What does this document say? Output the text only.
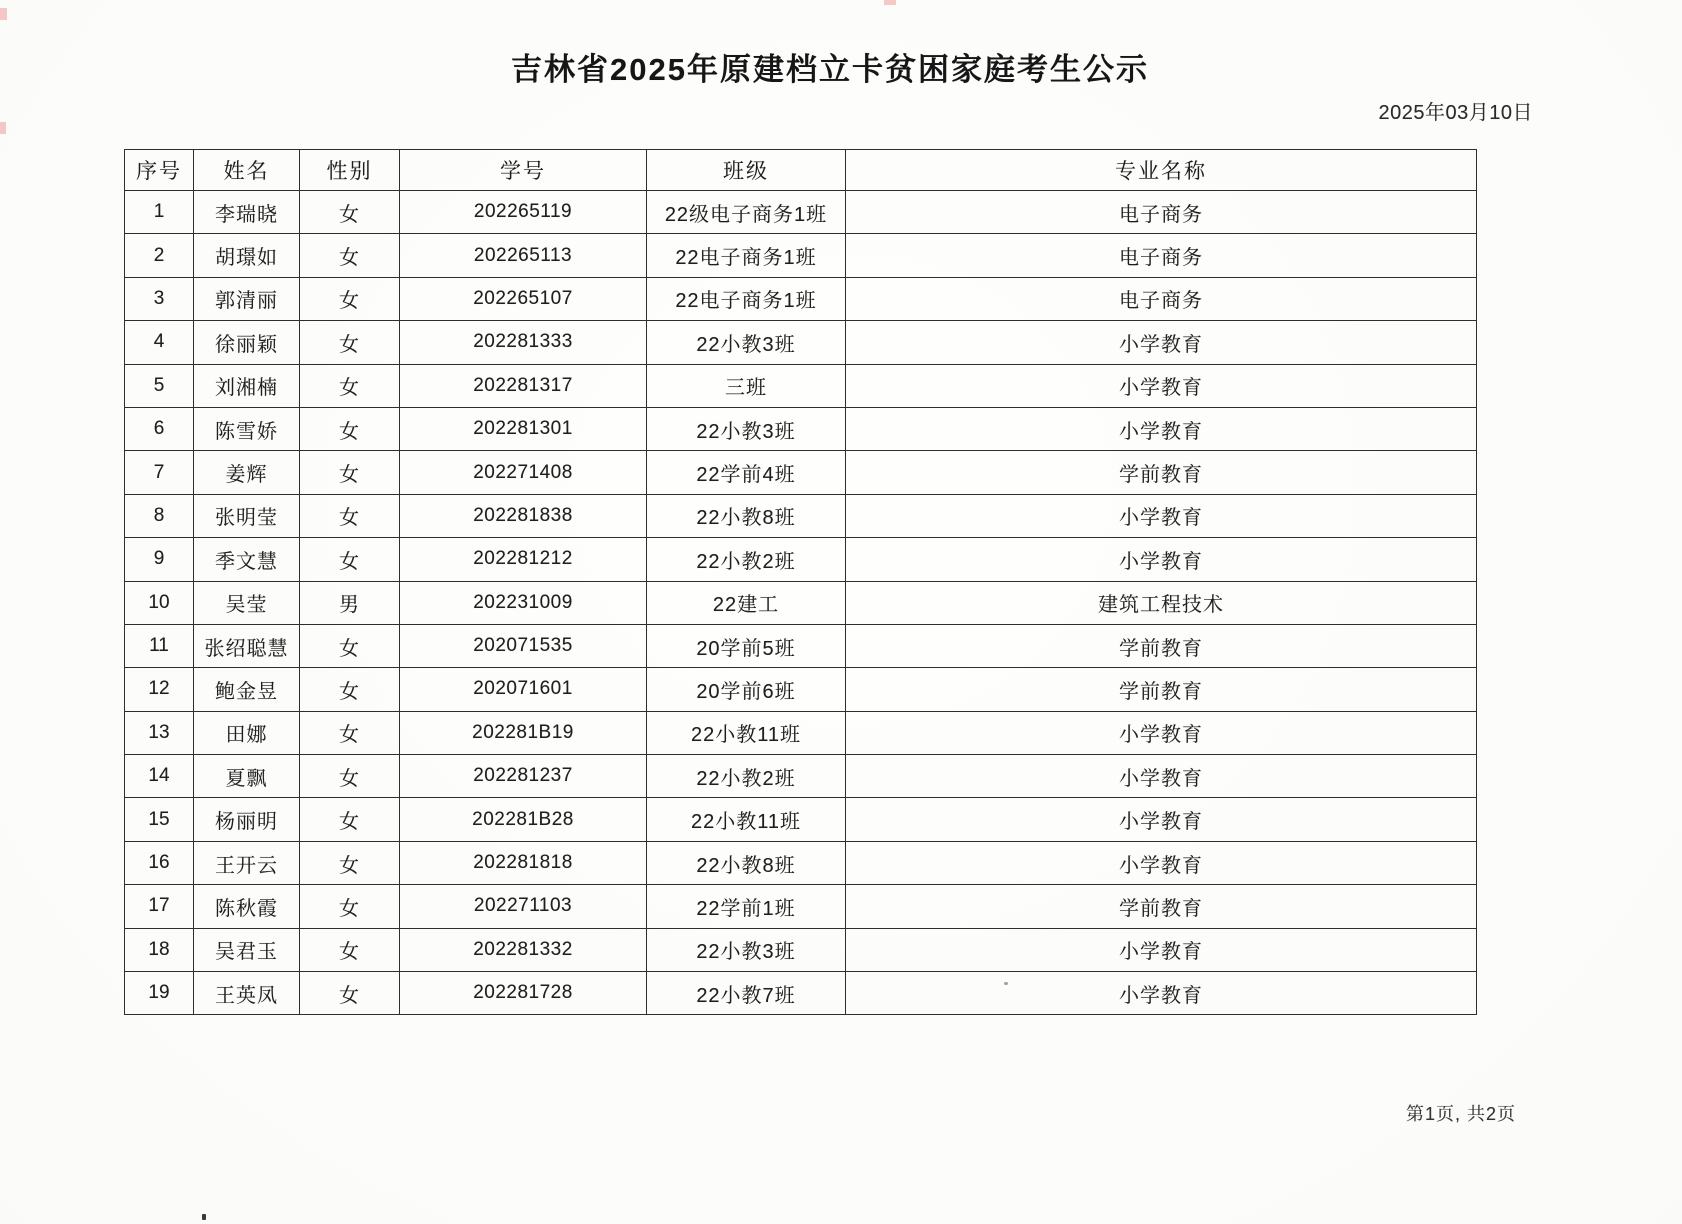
吉林省2025年原建档立卡贫困家庭考生公示
2025年03月10日
序号	姓名	性别	学号	班级	专业名称
1	李瑞晓	女	202265119	22级电子商务1班	电子商务
2	胡璟如	女	202265113	22电子商务1班	电子商务
3	郭清丽	女	202265107	22电子商务1班	电子商务
4	徐丽颖	女	202281333	22小教3班	小学教育
5	刘湘楠	女	202281317	三班	小学教育
6	陈雪娇	女	202281301	22小教3班	小学教育
7	姜辉	女	202271408	22学前4班	学前教育
8	张明莹	女	202281838	22小教8班	小学教育
9	季文慧	女	202281212	22小教2班	小学教育
10	吴莹	男	202231009	22建工	建筑工程技术
11	张绍聪慧	女	202071535	20学前5班	学前教育
12	鲍金昱	女	202071601	20学前6班	学前教育
13	田娜	女	202281B19	22小教11班	小学教育
14	夏飘	女	202281237	22小教2班	小学教育
15	杨丽明	女	202281B28	22小教11班	小学教育
16	王开云	女	202281818	22小教8班	小学教育
17	陈秋霞	女	202271103	22学前1班	学前教育
18	吴君玉	女	202281332	22小教3班	小学教育
19	王英凤	女	202281728	22小教7班	小学教育
第1页, 共2页
